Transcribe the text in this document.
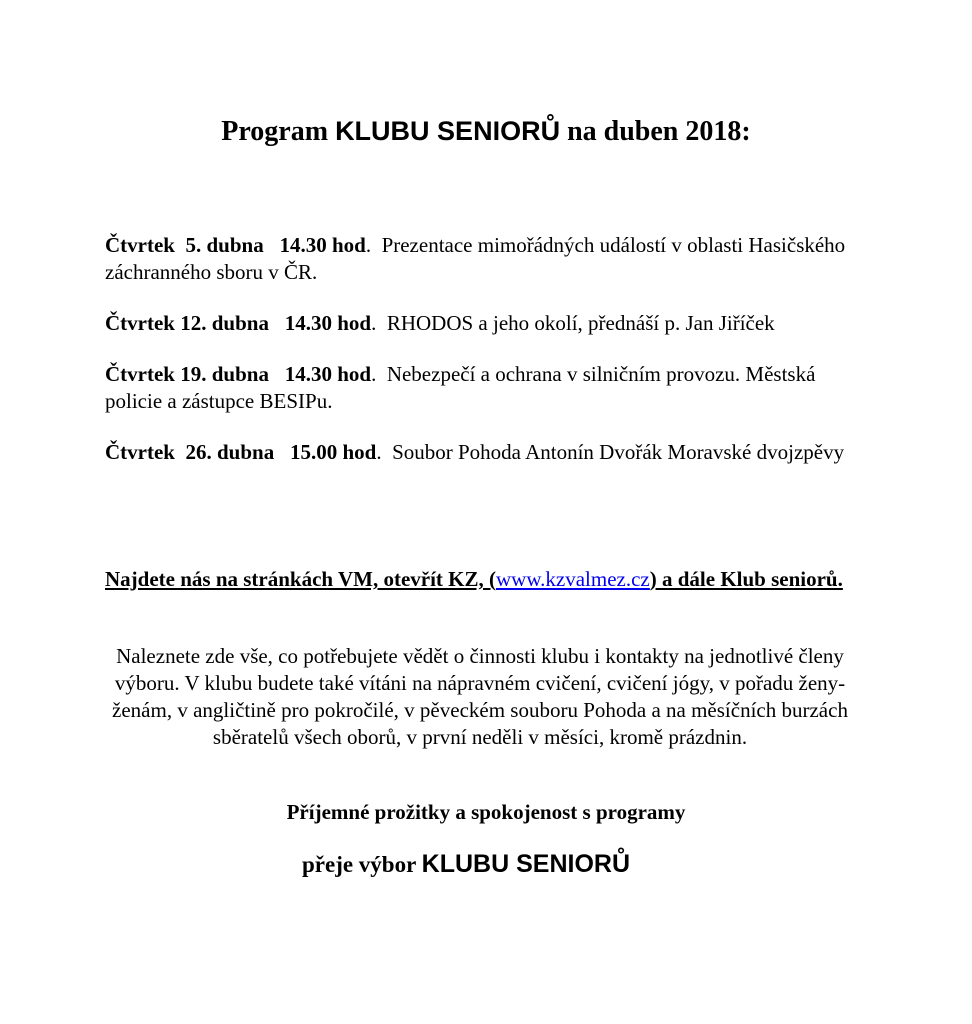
Program KLUBU SENIORŮ na duben 2018:

Čtvrtek 5. dubna 14.30 hod.  Prezentace mimořádných událostí v oblasti Hasičského záchranného sboru v ČR.

Čtvrtek 12. dubna 14.30 hod.  RHODOS a jeho okolí, přednáší p. Jan Jiříček

Čtvrtek 19. dubna 14.30 hod.  Nebezpečí a ochrana v silničním provozu. Městská policie a zástupce BESIPu.

Čtvrtek 26. dubna 15.00 hod.  Soubor Pohoda Antonín Dvořák Moravské dvojzpěvy

Najdete nás na stránkách VM, otevřít KZ, (www.kzvalmez.cz) a dále Klub seniorů.
Naleznete zde vše, co potřebujete vědět o činnosti klubu i kontakty na jednotlivé členy výboru. V klubu budete také vítáni na nápravném cvičení, cvičení jógy, v pořadu ženy-ženám, v angličtině pro pokročilé, v pěveckém souboru Pohoda a na měsíčních burzách sběratelů všech oborů, v první neděli v měsíci, kromě prázdnin.
Příjemné prožitky a spokojenost s programy
přeje výbor KLUBU SENIORŮ
